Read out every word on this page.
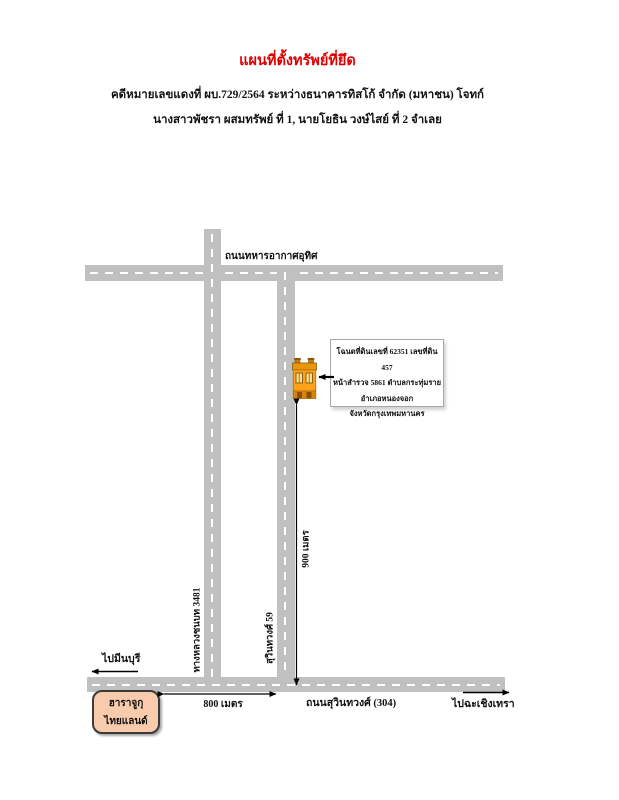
แผนที่ตั้งทรัพย์ที่ยึด
คดีหมายเลขแดงที่ ผบ.729/2564 ระหว่างธนาคารทิสโก้ จำกัด (มหาชน) โจทก์
นางสาวพัชรา ผสมทรัพย์ ที่ 1, นายโยธิน วงษ์ไสย์ ที่ 2 จำเลย
ถนนทหารอากาศอุทิศ
ทางหลวงชนบท 3481	สุวินทวงศ์ 59
ถนนสุวินทวงศ์ (304)
900 เมตร
800 เมตร
ไปมีนบุรี
ไปฉะเชิงเทรา
โฉนดที่ดินเลขที่ 62351 เลขที่ดิน 457
หน้าสำรวจ 5861 ตำบลกระทุ่มราย
อำเภอหนองจอก
จังหวัดกรุงเทพมหานคร
ฮาราจูกุ
ไทยแลนด์
